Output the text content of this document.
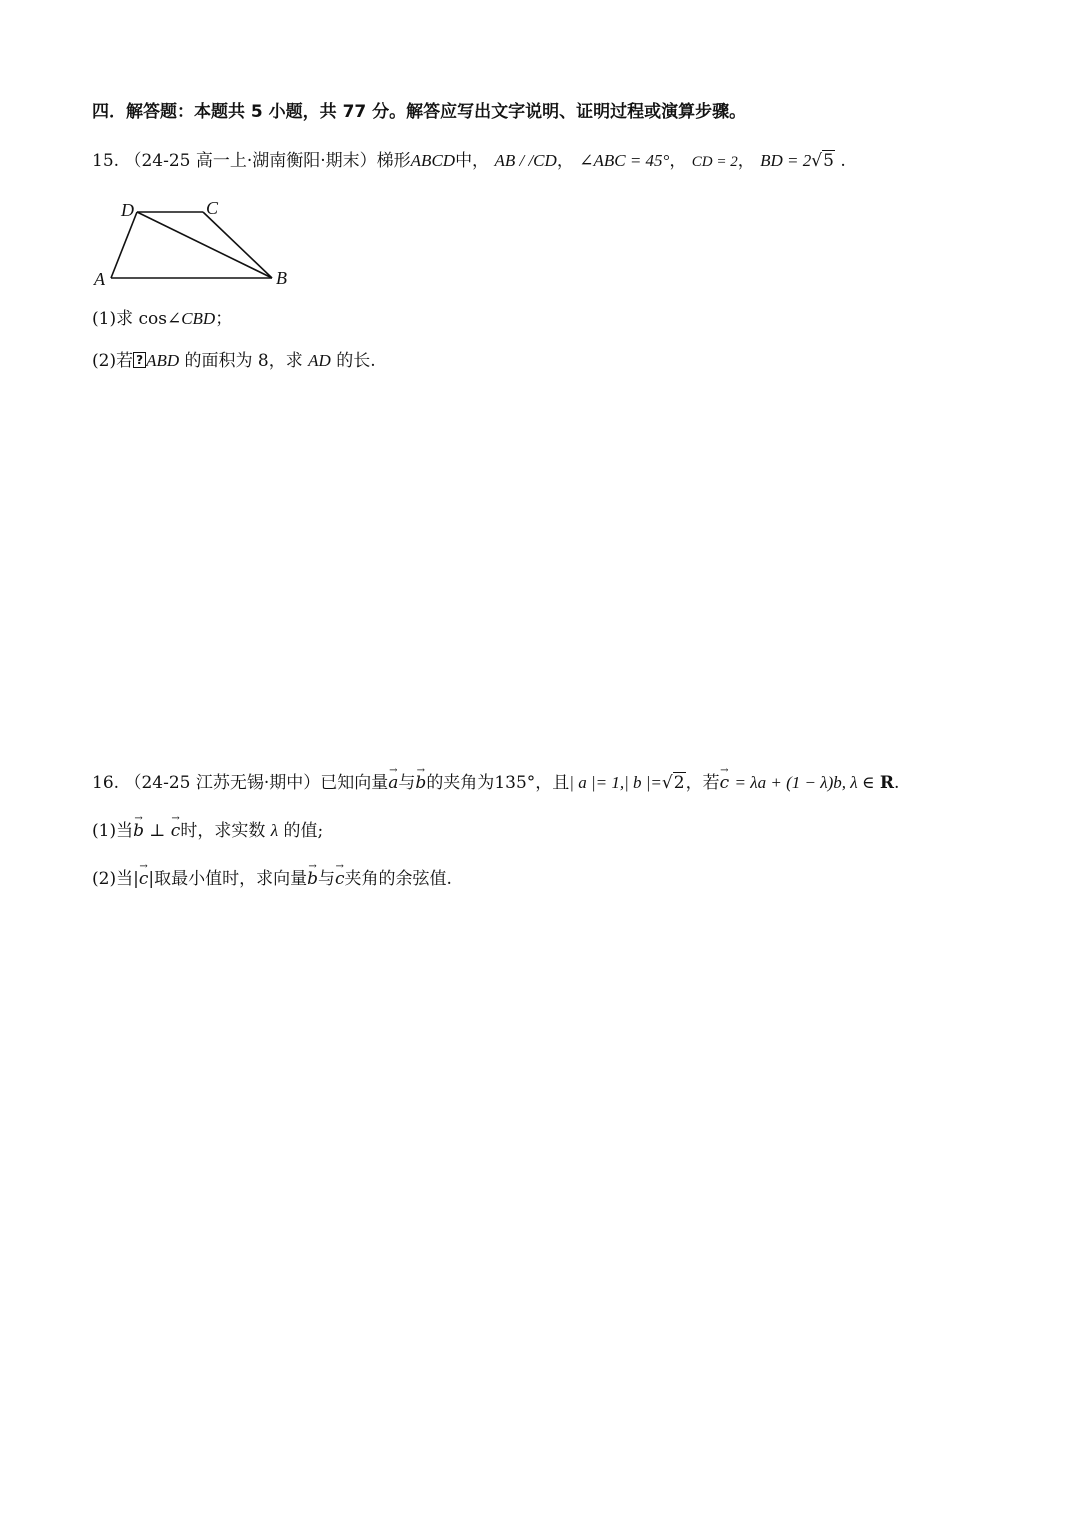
四．解答题：本题共 5 小题，共 77 分。解答应写出文字说明、证明过程或演算步骤。
15. （24-25 高一上·湖南衡阳·期末）梯形ABCD中， AB / /CD， ∠ABC = 45°， CD = 2， BD = 2√5 .
D	C
A	B
(1)求 cos∠CBD；
(2)若 ? ABD 的面积为 8，求 AD 的长.
16. （24-25 江苏无锡·期中）已知向量→ a与→ b的夹角为135°，且| a |= 1,| b |=√2，若→ c = λa + (1 − λ)b, λ ∈ R.
(1)当→ b ⊥ → c时，求实数 λ 的值;
(2)当|→ c|取最小值时，求向量→ b与→ c夹角的余弦值.
